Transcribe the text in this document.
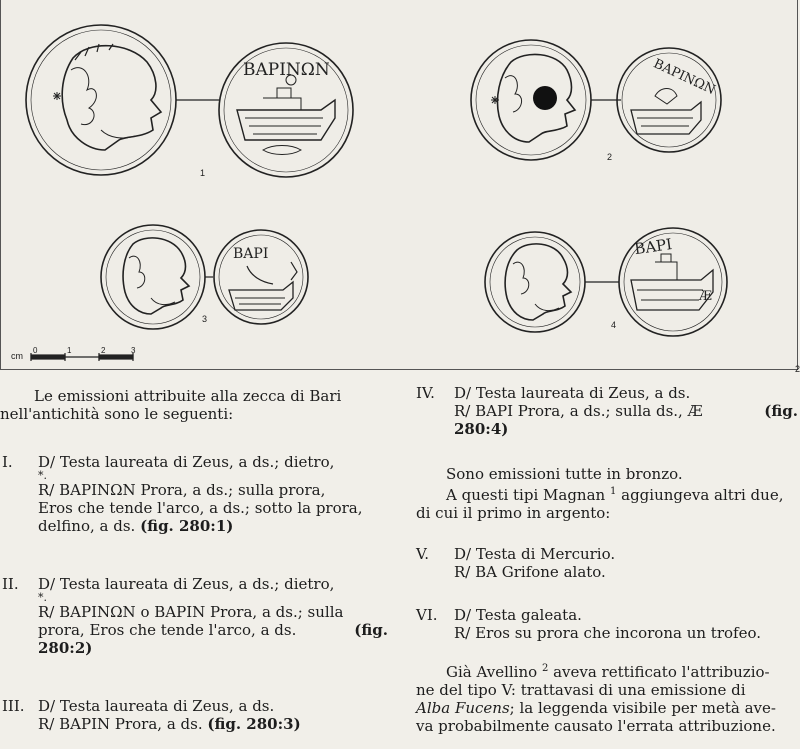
ΒΑΡΙΝΩΝ	ΒΑΡΙΝΩΝ
ΒΑΡΙ	ΒΑΡΙ
Æ
1
2
3
4
cm
0	1	2	3
2

Le emissioni attribuite alla zecca di Bari

nell'antichità sono le seguenti:

I. D/ Testa laureata di Zeus, a ds.; dietro,

*.

R/ ΒΑΡΙΝΩΝ Prora, a ds.; sulla prora,

Eros che tende l'arco, a ds.; sotto la prora,

delfino, a ds. (fig. 280:1)

II. D/ Testa laureata di Zeus, a ds.; dietro,

*.

R/ ΒΑΡΙΝΩΝ o ΒΑΡΙΝ Prora, a ds.; sulla

prora, Eros che tende l'arco, a ds.	(fig.

280:2)

III. D/ Testa laureata di Zeus, a ds.

R/ ΒΑΡΙΝ Prora, a ds. (fig. 280:3)

IV. D/ Testa laureata di Zeus, a ds.

R/ ΒΑΡΙ Prora, a ds.; sulla ds., Æ	(fig.

280:4)

Sono emissioni tutte in bronzo.

A questi tipi Magnan $^1$ aggiungeva altri due,

di cui il primo in argento:

V. D/ Testa di Mercurio.

R/ BA Grifone alato.

VI. D/ Testa galeata.

R/ Eros su prora che incorona un trofeo.

Già Avellino $^2$ aveva rettificato l'attribuzio-

ne del tipo V: trattavasi di una emissione di

Alba Fucens; la leggenda visibile per metà ave-

va probabilmente causato l'errata attribuzione.
